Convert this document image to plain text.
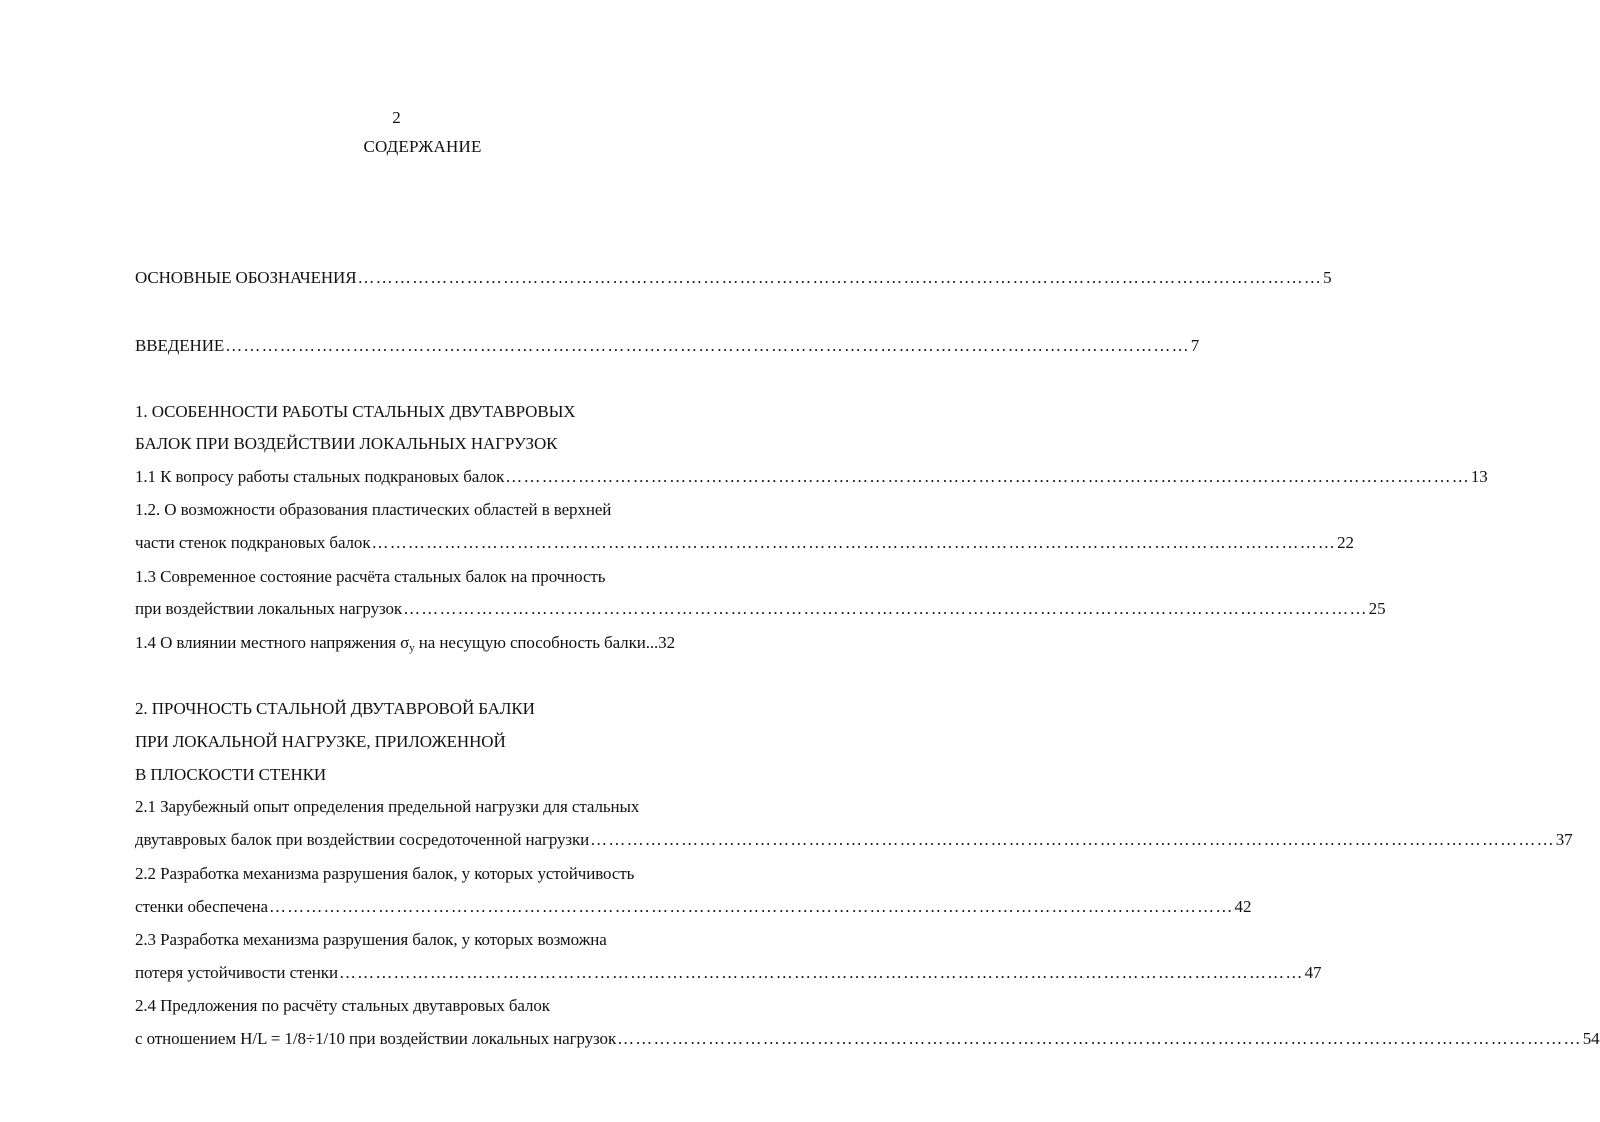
2
СОДЕРЖАНИЕ
ОСНОВНЫЕ ОБОЗНАЧЕНИЯ …………………………………………………………………………………………………………………………………………… 5
ВВЕДЕНИЕ …………………………………………………………………………………………………………………………………………… 7
1. ОСОБЕННОСТИ РАБОТЫ СТАЛЬНЫХ ДВУТАВРОВЫХ
БАЛОК ПРИ ВОЗДЕЙСТВИИ ЛОКАЛЬНЫХ НАГРУЗОК
1.1 К вопросу работы стальных подкрановых балок …………………………………………………………………………………………………………………………………………… 13
1.2. О возможности образования пластических областей в верхней
части стенок подкрановых балок …………………………………………………………………………………………………………………………………………… 22
1.3 Современное состояние расчёта стальных балок на прочность
при воздействии локальных нагрузок …………………………………………………………………………………………………………………………………………… 25
1.4 О влиянии местного напряжения $\sigma_y$ на несущую способность балки ...32
2. ПРОЧНОСТЬ СТАЛЬНОЙ ДВУТАВРОВОЙ БАЛКИ
ПРИ ЛОКАЛЬНОЙ НАГРУЗКЕ, ПРИЛОЖЕННОЙ
В ПЛОСКОСТИ СТЕНКИ
2.1 Зарубежный опыт определения предельной нагрузки для стальных
двутавровых балок при воздействии сосредоточенной нагрузки …………………………………………………………………………………………………………………………………………… 37
2.2 Разработка механизма разрушения балок, у которых устойчивость
стенки обеспечена …………………………………………………………………………………………………………………………………………… 42
2.3 Разработка механизма разрушения балок, у которых возможна
потеря устойчивости стенки …………………………………………………………………………………………………………………………………………… 47
2.4 Предложения по расчёту стальных двутавровых балок
с отношением H/L = 1/8÷1/10 при воздействии локальных нагрузок …………………………………………………………………………………………………………………………………………… 54
